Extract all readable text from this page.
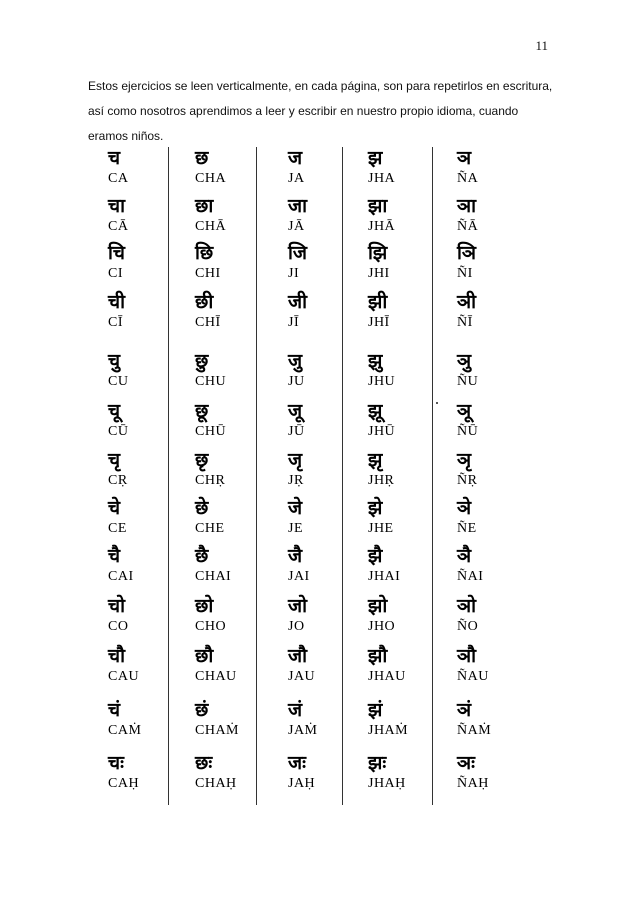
11
Estos ejercicios se leen verticalmente, en cada página, son para repetirlos en escritura, así como nosotros aprendimos a leer y escribir en nuestro propio idioma, cuando eramos niños.
च
CA
छ
CHA
ज
JA
झ
JHA
ञ
ÑA
चा
CĀ
छा
CHĀ
जा
JĀ
झा
JHĀ
ञा
ÑĀ
चि
CI
छि
CHI
जि
JI
झि
JHI
ञि
ÑI
ची
CĪ
छी
CHĪ
जी
JĪ
झी
JHĪ
ञी
ÑĪ
चु
CU
छु
CHU
जु
JU
झु
JHU
ञु
ÑU
चू
CŪ
छू
CHŪ
जू
JŪ
झू
JHŪ
ञू
ÑŪ
चृ
CṚ
छृ
CHṚ
जृ
JṚ
झृ
JHṚ
ञृ
ÑṚ
चे
CE
छे
CHE
जे
JE
झे
JHE
ञे
ÑE
चै
CAI
छै
CHAI
जै
JAI
झै
JHAI
ञै
ÑAI
चो
CO
छो
CHO
जो
JO
झो
JHO
ञो
ÑO
चौ
CAU
छौ
CHAU
जौ
JAU
झौ
JHAU
ञौ
ÑAU
चं
CAṀ
छं
CHAṀ
जं
JAṀ
झं
JHAṀ
ञं
ÑAṀ
चः
CAḤ
छः
CHAḤ
जः
JAḤ
झः
JHAḤ
ञः
ÑAḤ
